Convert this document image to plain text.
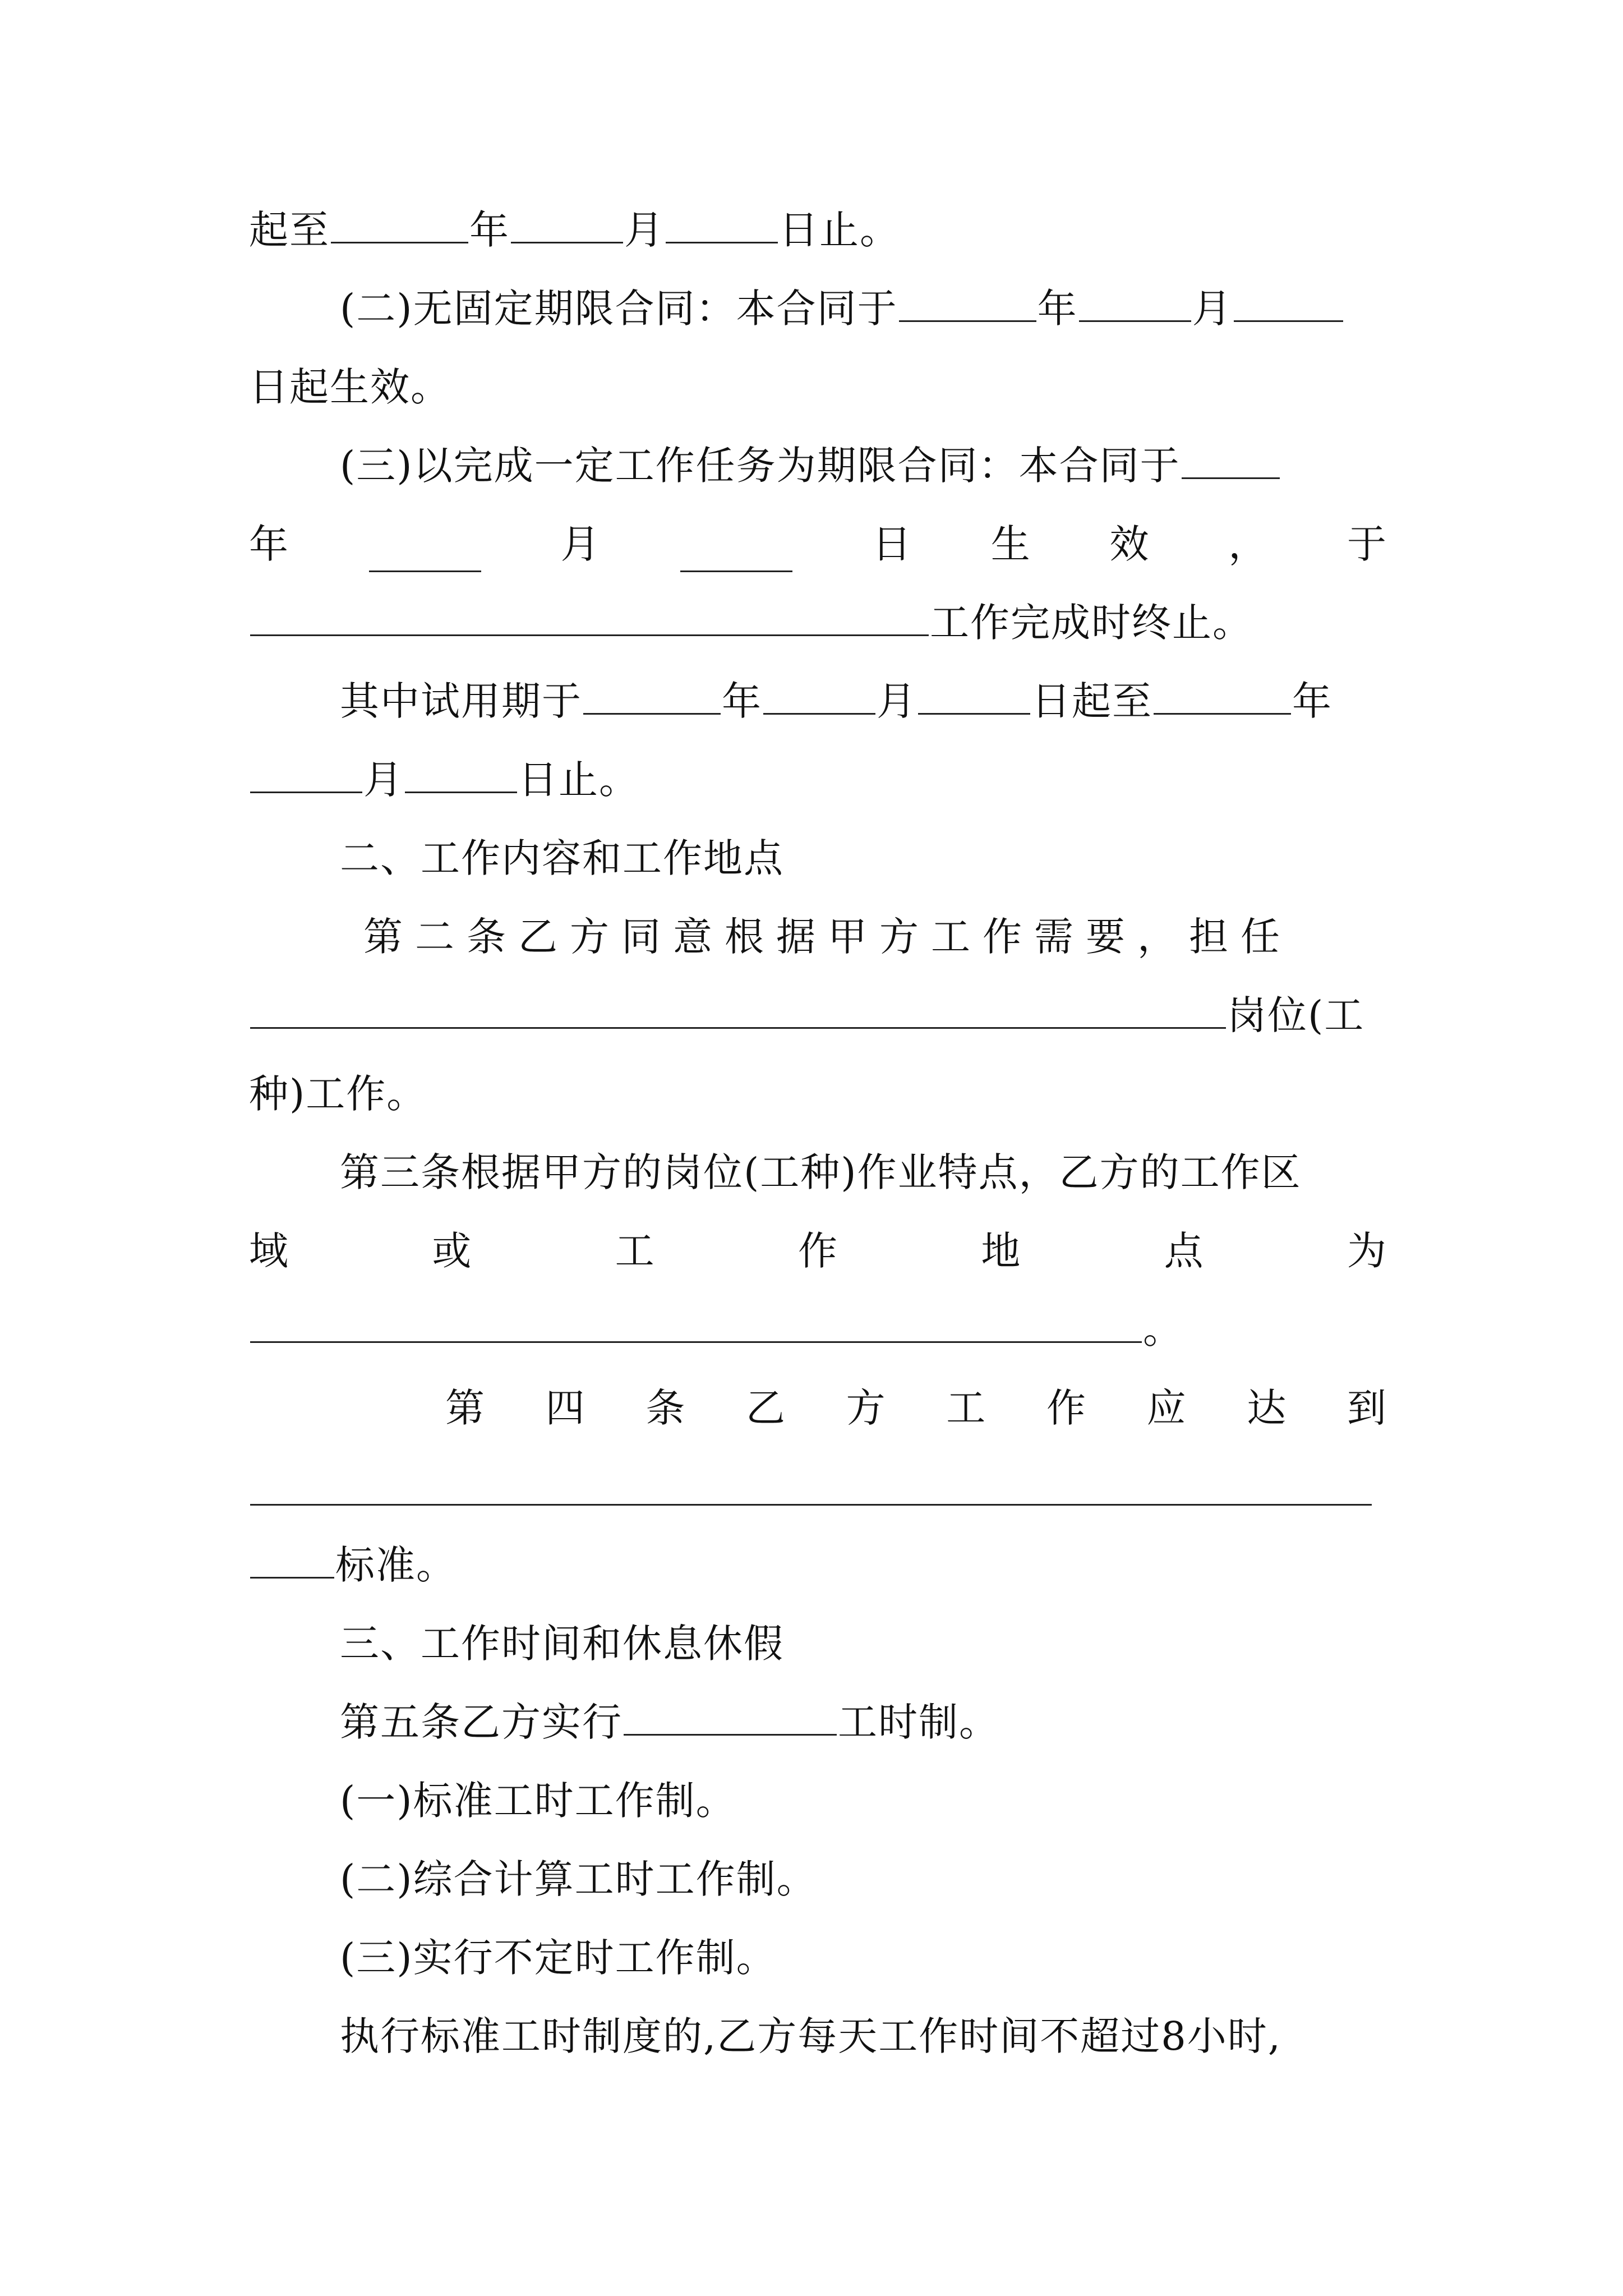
起至	年	月	日止。
(二)无固定期限合同：本合同于	年	月
日起生效。
(三)以完成一定工作任务为期限合同：本合同于
年	月	日 生 效 ， 于
工作完成时终止。
其中试用期于	年	月	日起至	年
月	日止。
二、工作内容和工作地点
第二条乙方同意根据甲方工作需要，担任
岗位(工
种)工作。
第三条根据甲方的岗位(工种)作业特点，乙方的工作区
域	或	工	作	地	点	为
。
第 四 条 乙 方 工 作 应 达 到
标准。
三、工作时间和休息休假
第五条乙方实行	工时制。
(一)标准工时工作制。
(二)综合计算工时工作制。
(三)实行不定时工作制。
执行标准工时制度的,乙方每天工作时间不超过8小时,
